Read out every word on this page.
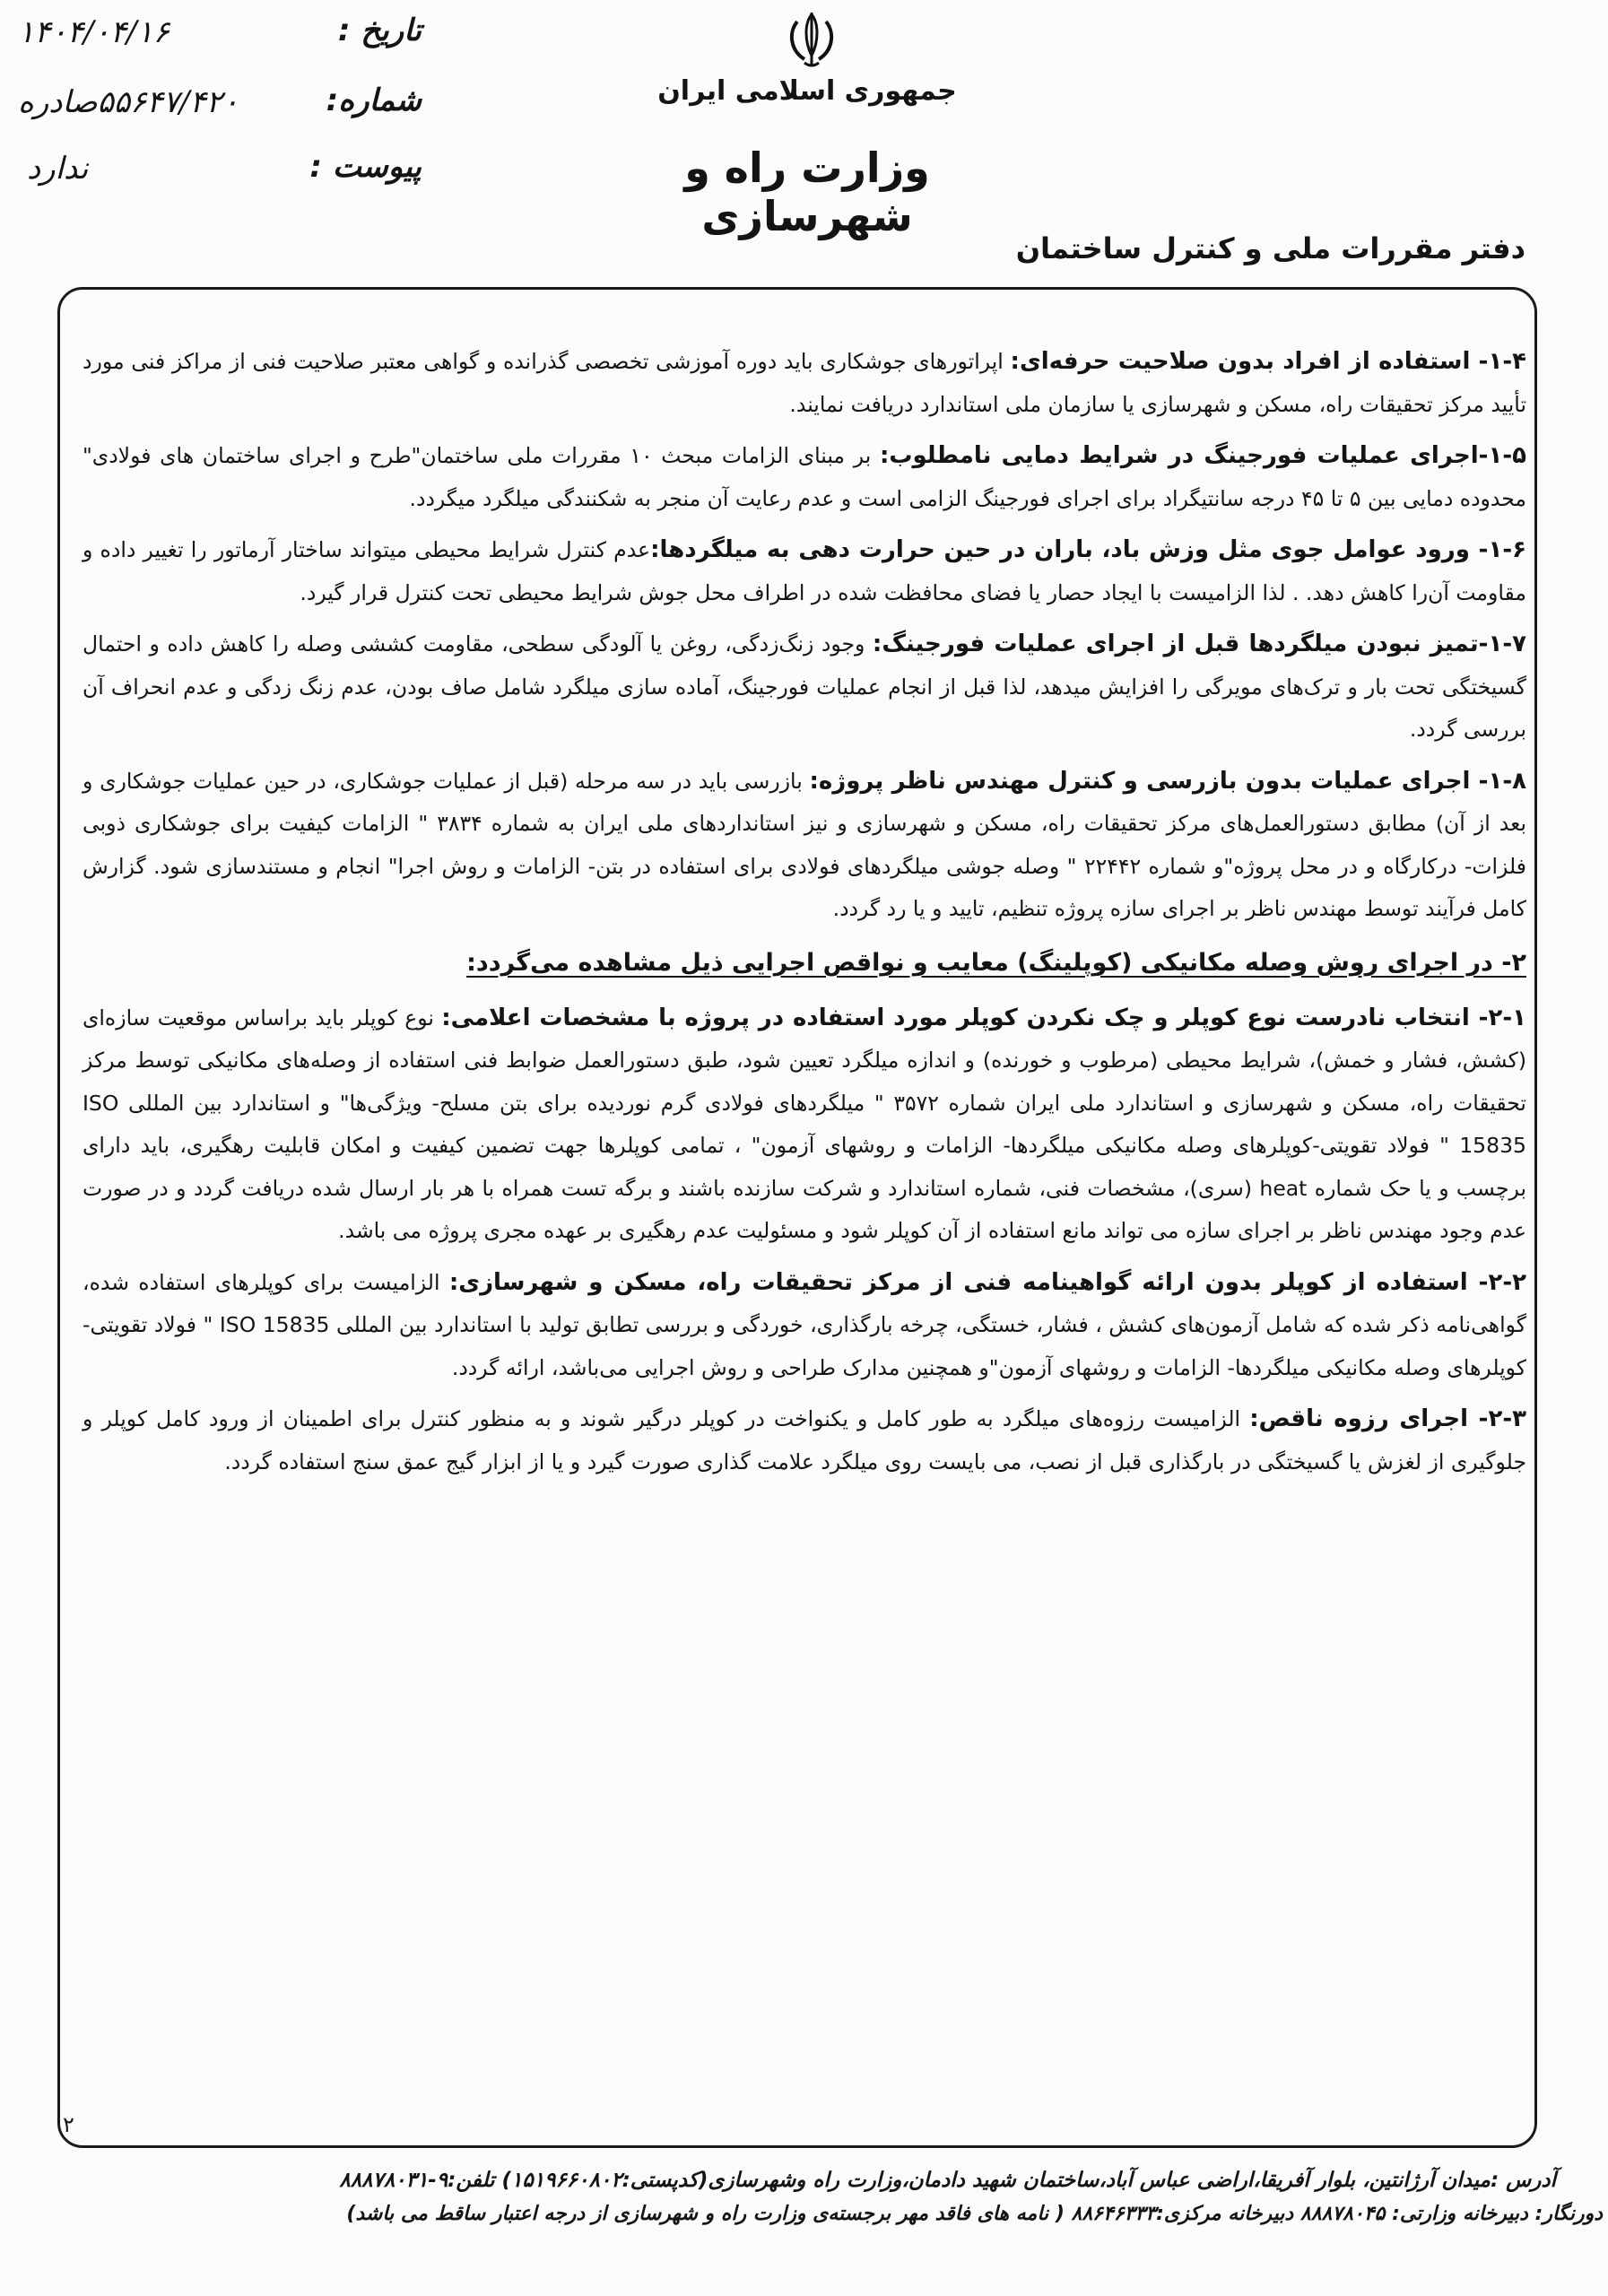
جمهوری اسلامی ایران
وزارت راه و شهرسازی
تاریخ :
۱۴۰۴/۰۴/۱۶
شماره:
۵۵۶۴۷/۴۲۰صادره
پیوست :
ندارد
دفتر مقررات ملی و کنترل ساختمان

۱-۴- استفاده از افراد بدون صلاحیت حرفه‌ای: اپراتورهای جوشکاری باید دوره آموزشی تخصصی گذرانده و گواهی معتبر صلاحیت فنی از مراکز فنی مورد تأیید مرکز تحقیقات راه، مسکن و شهرسازی یا سازمان ملی استاندارد دریافت نمایند.

۱-۵-اجرای عملیات فورجینگ در شرایط دمایی نامطلوب: بر مبنای الزامات مبحث ۱۰ مقررات ملی ساختمان"طرح و اجرای ساختمان های فولادی" محدوده دمایی بین ۵ تا ۴۵ درجه سانتیگراد برای اجرای فورجینگ الزامی است و عدم رعایت آن منجر به شکنندگی میلگرد میگردد.

۱-۶- ورود عوامل جوی مثل وزش باد، باران در حین حرارت دهی به میلگردها:عدم کنترل شرایط محیطی میتواند ساختار آرماتور را تغییر داده و مقاومت آن‌را کاهش دهد. . لذا الزامیست با ایجاد حصار یا فضای محافظت شده در اطراف محل جوش شرایط محیطی تحت کنترل قرار گیرد.

۱-۷-تمیز نبودن میلگردها قبل از اجرای عملیات فورجینگ: وجود زنگ‌زدگی، روغن یا آلودگی سطحی، مقاومت کششی وصله را کاهش داده و احتمال گسیختگی تحت بار و ترک‌های مویرگی را افزایش میدهد، لذا قبل از انجام عملیات فورجینگ، آماده سازی میلگرد شامل صاف بودن، عدم زنگ زدگی و عدم انحراف آن بررسی گردد.

۱-۸- اجرای عملیات بدون بازرسی و کنترل مهندس ناظر پروژه: بازرسی باید در سه مرحله (قبل از عملیات جوشکاری، در حین عملیات جوشکاری و بعد از آن) مطابق دستورالعمل‌های مرکز تحقیقات راه، مسکن و شهرسازی و نیز استانداردهای ملی ایران به شماره ۳۸۳۴ " الزامات کیفیت برای جوشکاری ذوبی فلزات- درکارگاه و در محل پروژه"و شماره ۲۲۴۴۲ " وصله جوشی میلگردهای فولادی برای استفاده در بتن- الزامات و روش اجرا" انجام و مستندسازی شود. گزارش کامل فرآیند توسط مهندس ناظر بر اجرای سازه پروژه تنظیم، تایید و یا رد گردد.

۲- در اجرای روش وصله مکانیکی (کوپلینگ) معایب و نواقص اجرایی ذیل مشاهده می‌گردد:

۲-۱- انتخاب نادرست نوع کوپلر و چک نکردن کوپلر مورد استفاده در پروژه با مشخصات اعلامی: نوع کوپلر باید براساس موقعیت سازه‌ای (کشش، فشار و خمش)، شرایط محیطی (مرطوب و خورنده) و اندازه میلگرد تعیین شود، طبق دستورالعمل ضوابط فنی استفاده از وصله‌های مکانیکی توسط مرکز تحقیقات راه، مسکن و شهرسازی و استاندارد ملی ایران شماره ۳۵۷۲ " میلگردهای فولادی گرم نوردیده برای بتن مسلح- ویژگی‌ها" و استاندارد بین المللی ISO 15835 " فولاد تقویتی-کوپلرهای وصله مکانیکی میلگردها- الزامات و روشهای آزمون" ، تمامی کوپلرها جهت تضمین کیفیت و امکان قابلیت رهگیری، باید دارای برچسب و یا حک شماره heat (سری)، مشخصات فنی، شماره استاندارد و شرکت سازنده باشند و برگه تست همراه با هر بار ارسال شده دریافت گردد و در صورت عدم وجود مهندس ناظر بر اجرای سازه می تواند مانع استفاده از آن کوپلر شود و مسئولیت عدم رهگیری بر عهده مجری پروژه می باشد.

۲-۲- استفاده از کوپلر بدون ارائه گواهینامه فنی از مرکز تحقیقات راه، مسکن و شهرسازی: الزامیست برای کوپلرهای استفاده شده، گواهی‌نامه ذکر شده که شامل آزمون‌های کشش ، فشار، خستگی، چرخه بارگذاری، خوردگی و بررسی تطابق تولید با استاندارد بین المللی ISO 15835 " فولاد تقویتی-کوپلرهای وصله مکانیکی میلگردها- الزامات و روشهای آزمون"و همچنین مدارک طراحی و روش اجرایی می‌باشد، ارائه گردد.

۲-۳- اجرای رزوه ناقص: الزامیست رزوه‌های میلگرد به طور کامل و یکنواخت در کوپلر درگیر شوند و به منظور کنترل برای اطمینان از ورود کامل کوپلر و جلوگیری از لغزش یا گسیختگی در بارگذاری قبل از نصب، می بایست روی میلگرد علامت گذاری صورت گیرد و یا از ابزار گیج عمق سنج استفاده گردد.

۲
آدرس :میدان آرژانتین، بلوار آفریقا،اراضی عباس آباد،ساختمان شهید دادمان،وزارت راه وشهرسازی(کدپستی:۱۵۱۹۶۶۰۸۰۲) تلفن:۹-۸۸۸۷۸۰۳۱
دورنگار: دبیرخانه وزارتی: ۸۸۸۷۸۰۴۵ دبیرخانه مرکزی:۸۸۶۴۶۳۳۳ ( نامه های فاقد مهر برجسته‌ی وزارت راه و شهرسازی از درجه اعتبار ساقط می باشد)
